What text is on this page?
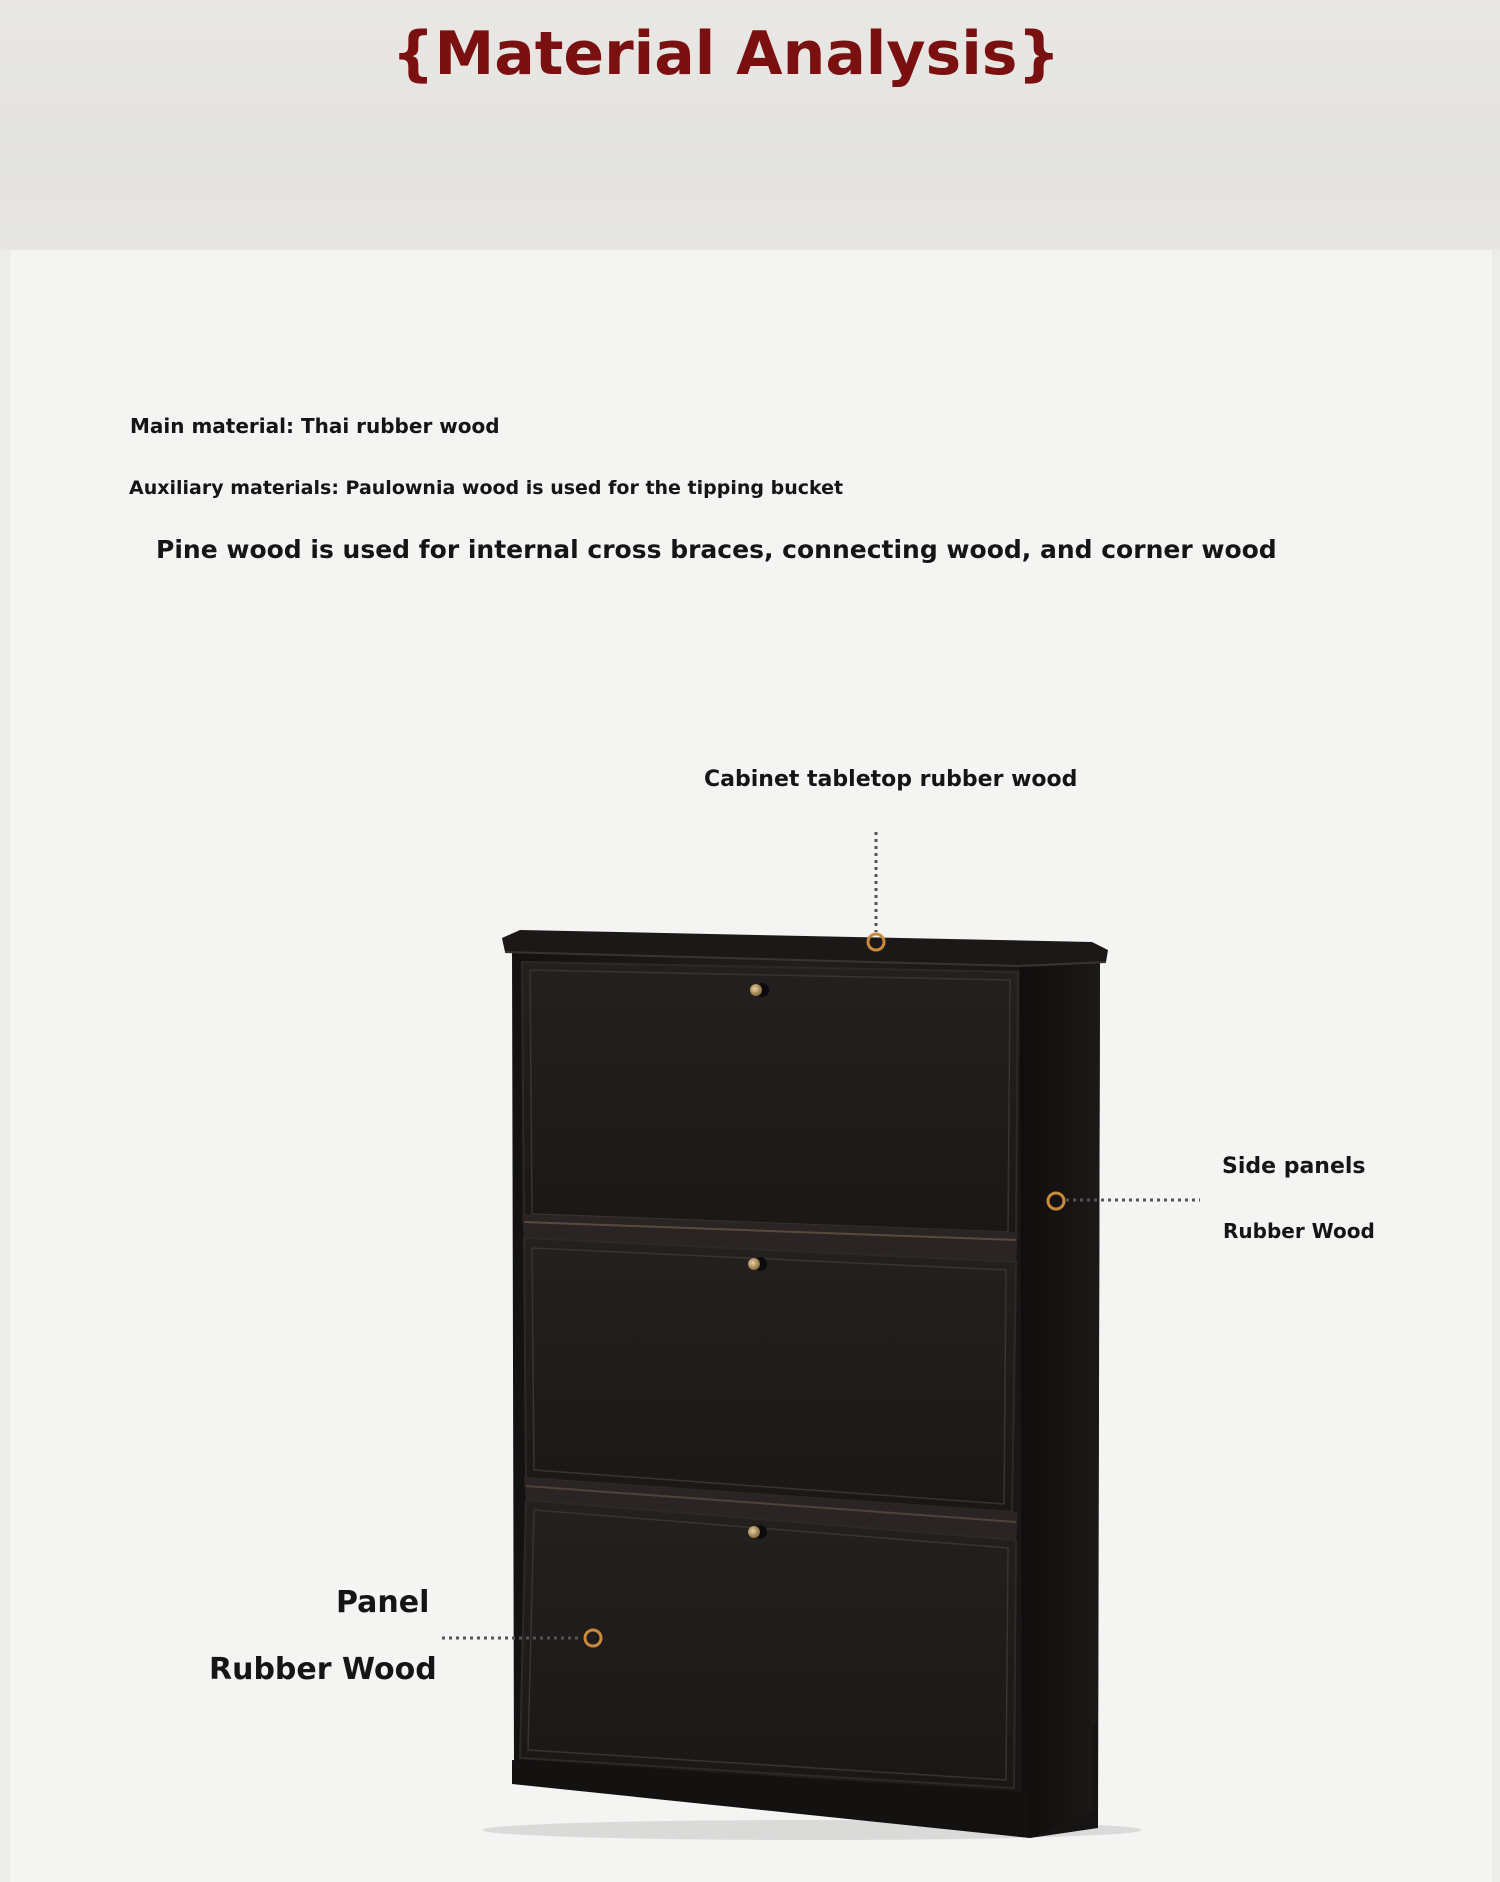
{Material Analysis}
Main material: Thai rubber wood
Auxiliary materials: Paulownia wood is used for the tipping bucket
Pine wood is used for internal cross braces, connecting wood, and corner wood
Cabinet tabletop rubber wood
Side panels
Rubber Wood
Panel
Rubber Wood
